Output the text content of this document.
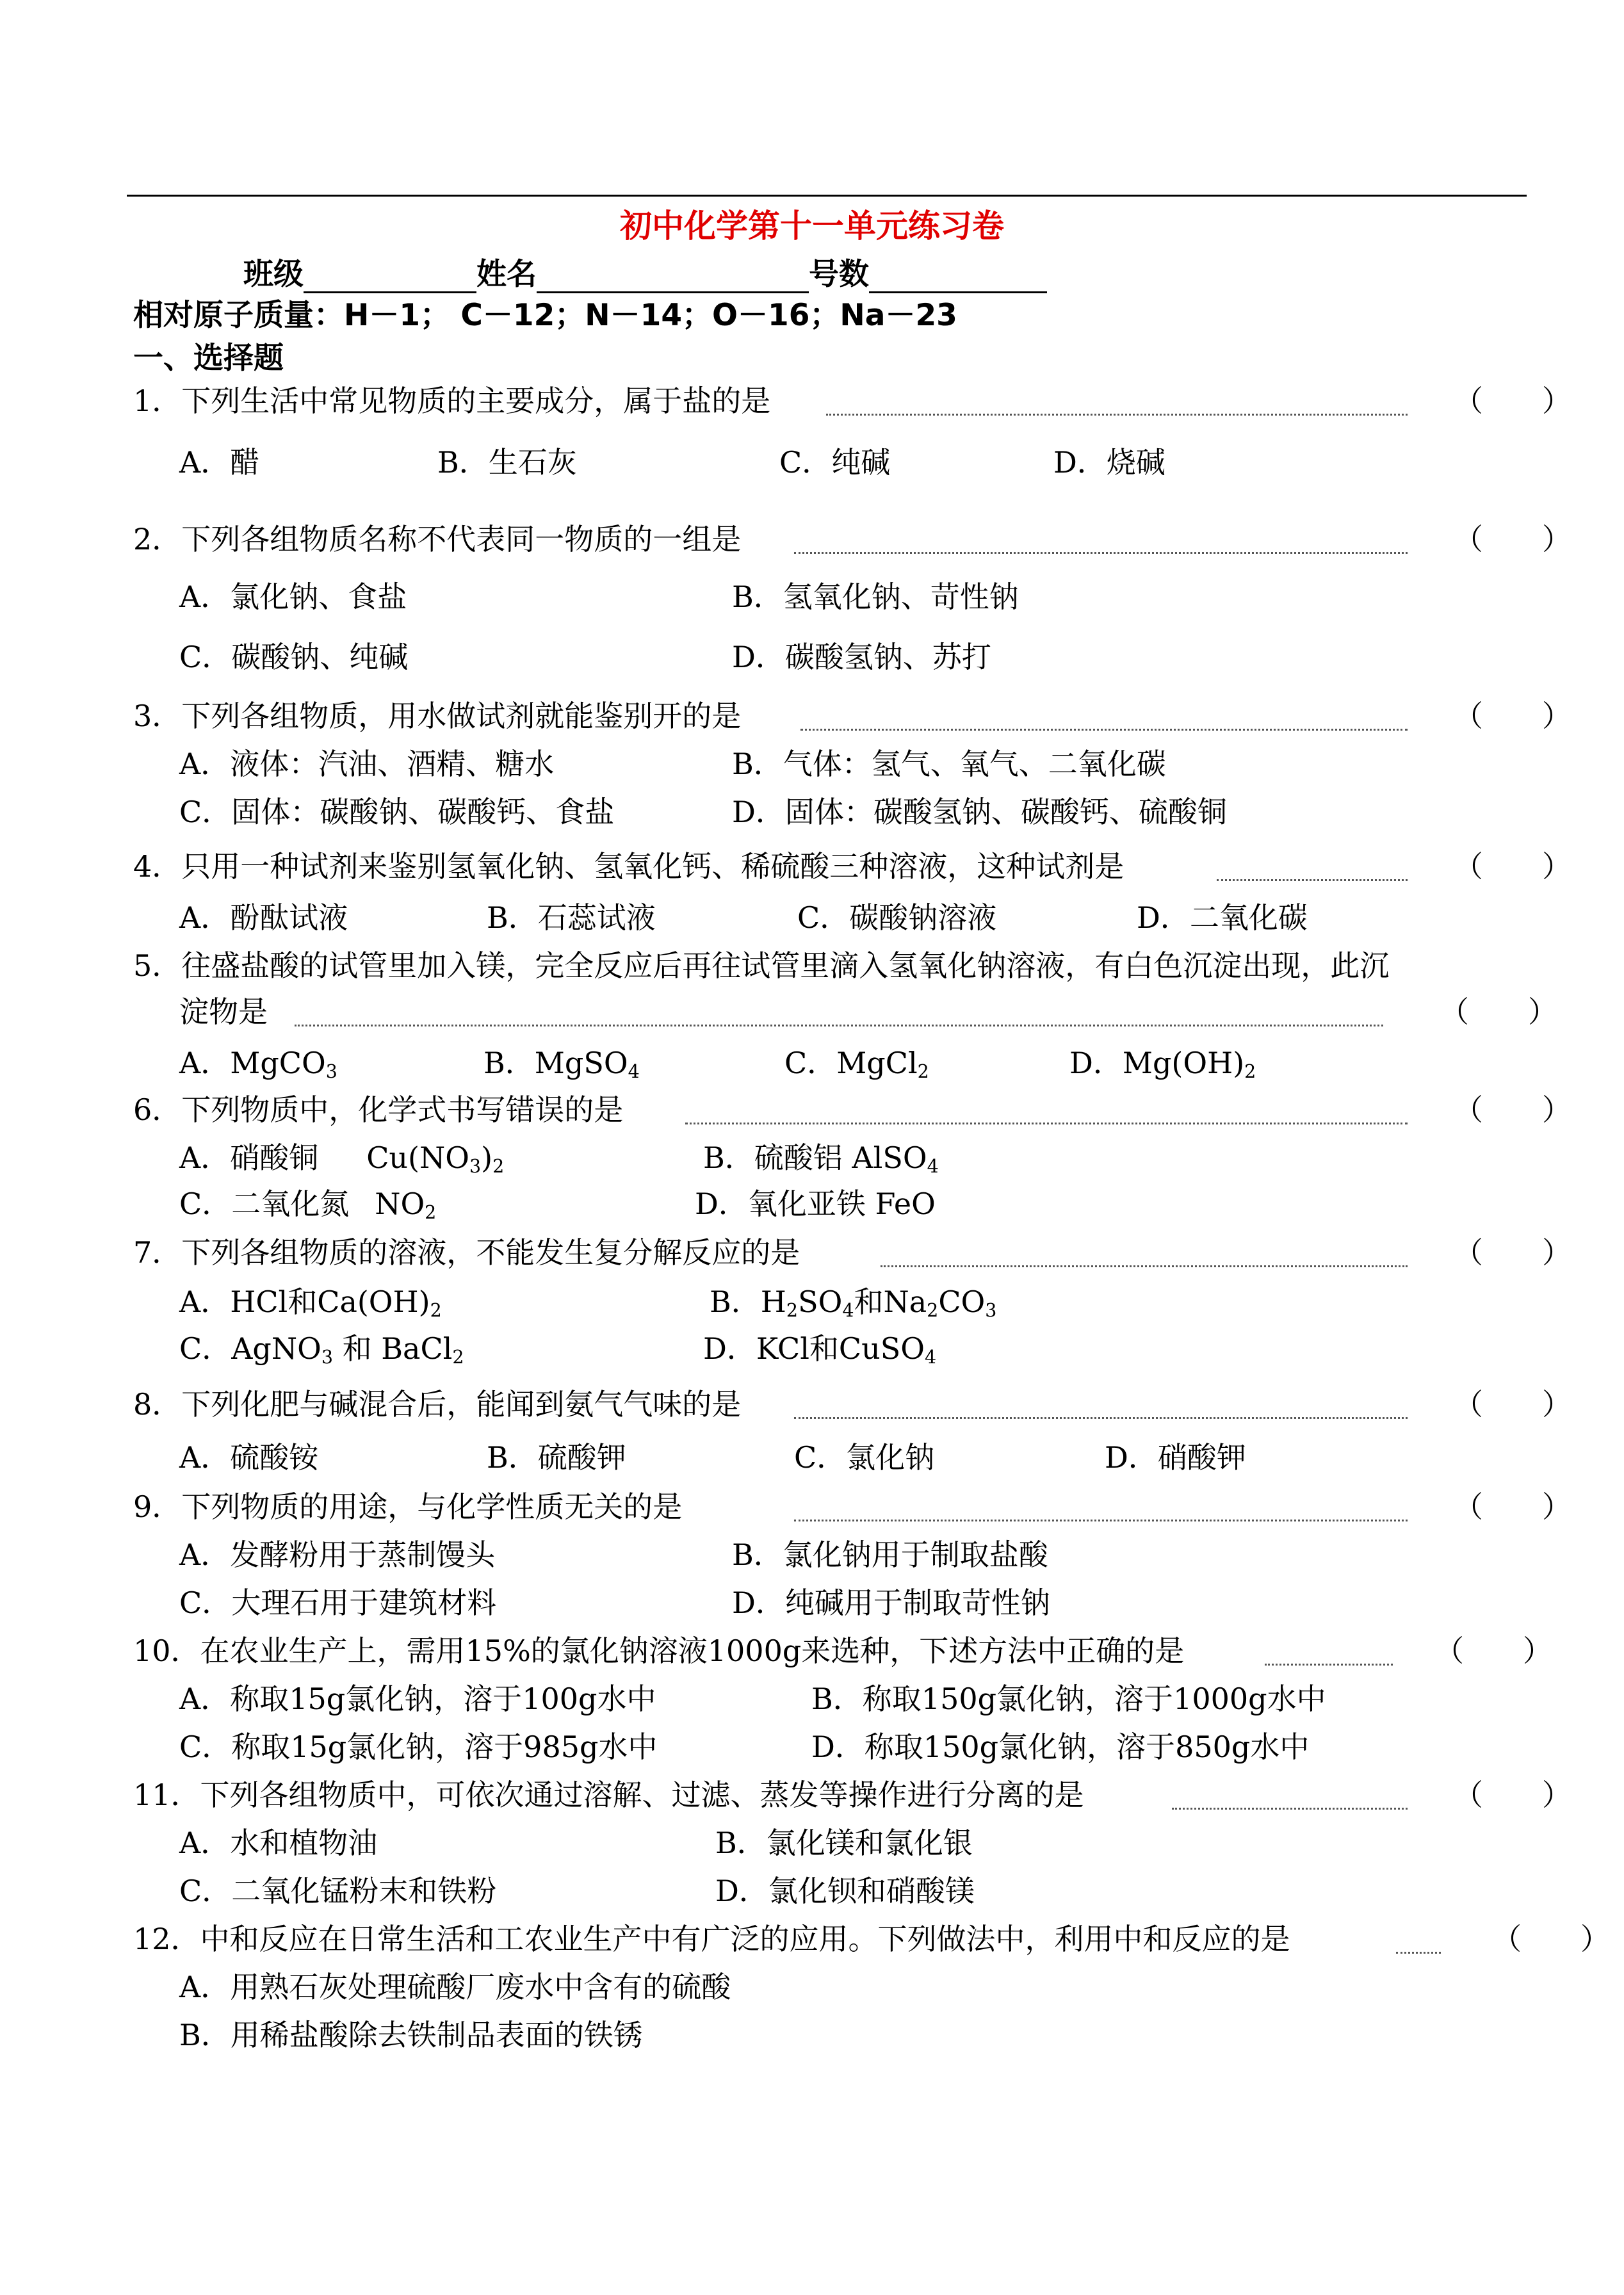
初中化学第十一单元练习卷
班级	姓名	号数
相对原子质量：H－1； C－12；N－14；O－16；Na－23
一、选择题
1．下列生活中常见物质的主要成分，属于盐的是	（　　）
A．醋	B．生石灰	C．纯碱	D．烧碱
2．下列各组物质名称不代表同一物质的一组是	（　　）
A．氯化钠、食盐	B．氢氧化钠、苛性钠
C．碳酸钠、纯碱	D．碳酸氢钠、苏打
3．下列各组物质，用水做试剂就能鉴别开的是	（　　）
A．液体：汽油、酒精、糖水	B．气体：氢气、氧气、二氧化碳
C．固体：碳酸钠、碳酸钙、食盐	D．固体：碳酸氢钠、碳酸钙、硫酸铜
4．只用一种试剂来鉴别氢氧化钠、氢氧化钙、稀硫酸三种溶液，这种试剂是	（　　）
A．酚酞试液	B．石蕊试液	C．碳酸钠溶液	D．二氧化碳
5．往盛盐酸的试管里加入镁，完全反应后再往试管里滴入氢氧化钠溶液，有白色沉淀出现，此沉
淀物是	（　　）
A．MgCO$_3$	B．MgSO$_4$	C．MgCl$_2$	D．$Mg(OH)_2$
6．下列物质中，化学式书写错误的是	（　　）
A．硝酸铜 $Cu(NO_3)_2$	B．硫酸铝 AlSO$_4$
C．二氧化氮 $NO_2$	D．氧化亚铁 FeO
7．下列各组物质的溶液，不能发生复分解反应的是	（　　）
A．HCl和$Ca(OH)_2$	B．$H_2SO_4$和$Na_2CO_3$
C．AgNO$_3$ 和 BaCl$_2$	D．KCl和CuSO$_4$
8．下列化肥与碱混合后，能闻到氨气气味的是	（　　）
A．硫酸铵	B．硫酸钾	C．氯化钠	D．硝酸钾
9．下列物质的用途，与化学性质无关的是	（　　）
A．发酵粉用于蒸制馒头	B．氯化钠用于制取盐酸
C．大理石用于建筑材料	D．纯碱用于制取苛性钠
10．在农业生产上，需用15%的氯化钠溶液1000g来选种，下述方法中正确的是	（　　）
A．称取15g氯化钠，溶于100g水中	B．称取150g氯化钠，溶于1000g水中
C．称取15g氯化钠，溶于985g水中	D．称取150g氯化钠，溶于850g水中
11．下列各组物质中，可依次通过溶解、过滤、蒸发等操作进行分离的是	（　　）
A．水和植物油	B．氯化镁和氯化银
C．二氧化锰粉末和铁粉	D．氯化钡和硝酸镁
12．中和反应在日常生活和工农业生产中有广泛的应用。下列做法中，利用中和反应的是	（　　）
A．用熟石灰处理硫酸厂废水中含有的硫酸
B．用稀盐酸除去铁制品表面的铁锈
